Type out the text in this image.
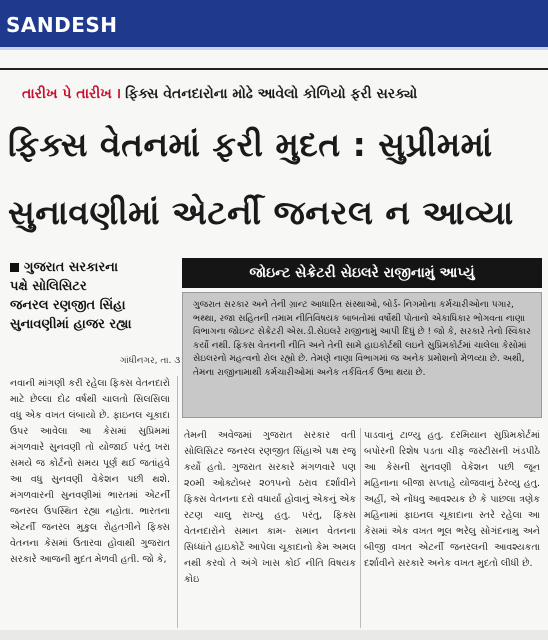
SANDESH
તારીખ પે તારીખ । ફિક્સ વેતનદારોના મોઢે આવેલો કોળિયો ફરી સરક્યો
ફિક્સ વેતનમાં ફરી મુદત : સુપ્રીમમાં
સુનાવણીમાં એટર્ની જનરલ ન આવ્યા
ગુજરાત સરકારના
પક્ષે સોલિસિટર
જનરલ રણજીત સિંહા
સુનાવણીમાં હાજર રહ્યા
ગાંધીનગર, તા. ૩
જોઇન્ટ સેક્રેટરી સેઇલરે રાજીનામું આપ્યું
ગુજરાત સરકાર અને તેની ગ્રાન્ટ આધારિત સંસ્થાઓ, બોર્ડ- નિગમોના કર્મચારીઓના પગાર, ભથ્થા, રજા સહિતની તમામ નીતિવિષયક બાબતોમાં વર્ષોથી પોતાનો એકાધિકાર ભોગવતા નાણા વિભાગના જોઇન્ટ સેક્રેટરી એસ.ડી.સેઇલરે રાજીનામું આપી દિધું છે ! જો કે, સરકારે તેનો સ્વિકાર કર્યો નથી. ફિક્સ વેતનની નીતિ અને તેની સામે હાઇકોર્ટથી લઇને સુપ્રિમકોર્ટમાં ચાલેલા કેસોમાં સેઇલરનો મહત્વનો રોલ રહ્યો છે. તેમણે નાણા વિભાગમાં જ અનેક પ્રમોશનો મેળવ્યા છે. અથી, તેમના રાજીનામાથી કર્મચારીઓમાં અનેક તર્કવિતર્ક ઉભા થયા છે.
નવાની માંગણી કરી રહેલા ફિક્સ વેતનદારો માટે છેલ્લા દોઢ વર્ષથી ચાલતો સિલસિલા વધુ એક વખત લંબાયો છે. ફાઇનલ ચૂકાદા ઉપર આવેલા આ કેસમાં સુપ્રિમમાં મંગળવારે સુનવણી તો યોજાઈ પરંતુ ખરા સમયે જ કોર્ટનો સમય પૂર્ણ થઈ જતાંહવે આ વધુ સુનવણી વેકેશન પછી થશે. મંગળવારની સુનવણીમાં ભારતમાં એટર્ની જનરલ ઉપસ્થિત રહ્યા નહોતા. ભારતના એટર્ની જનરલ મુકુલ રોહતગીને ફિક્સ વેતનના કેસમાં ઉતારવા હોવાથી ગુજરાત સરકારે આજની મુદત મેળવી હતી. જો કે,
તેમની અવેજમાં ગુજરાત સરકાર વતી સોલિસિટર જનરલ રણજીત સિંહાએ પક્ષ રજૂ કર્યો હતો. ગુજરાત સરકારે મંગળવારે પણ ૨૦મી ઓક્ટોબર ૨૦૧૫નો ઠરાવ દર્શાવીને ફિક્સ વેતનના દરો વધાર્યા હોવાનું એકનું એક રટણ ચાલુ રાખ્યુ હતુ. પરંતુ, ફિક્સ વેતનદારોને સમાન કામ- સમાન વેતનના સિધ્ધાંતે હાઇકોર્ટે આપેલા ચૂકાદાનો કેમ અમલ નથી કરવો તે અંગે ખાસ કોઈ નીતિ વિષયક કોઇ
પાડવાનું ટાળ્યુ હતુ. દરમિયાન સુપ્રિમકોર્ટમાં બપોરની રિશેષ પડતા ચીફ જસ્ટીસની ખંડપીઠે આ કેસની સુનવણી વેકેશન પછી જૂન મહિનાના બીજા સપ્તાહે યોજવાનું ઠેરવ્યુ હતુ. અહીં, એ નોંધવુ આવશ્યક છે કે પાછલા ત્રણેક મહિનામાં ફાઇનલ ચૂકાદાના સ્તરે રહેલા આ કેસમાં એક વખત ભૂલ ભરેલુ સોગંદનામુ અને બીજી વખત એટર્ની જનરલની આવશ્યકતા દર્શાવીને સરકારે અનેક વખત મુદતો લીધી છે.
